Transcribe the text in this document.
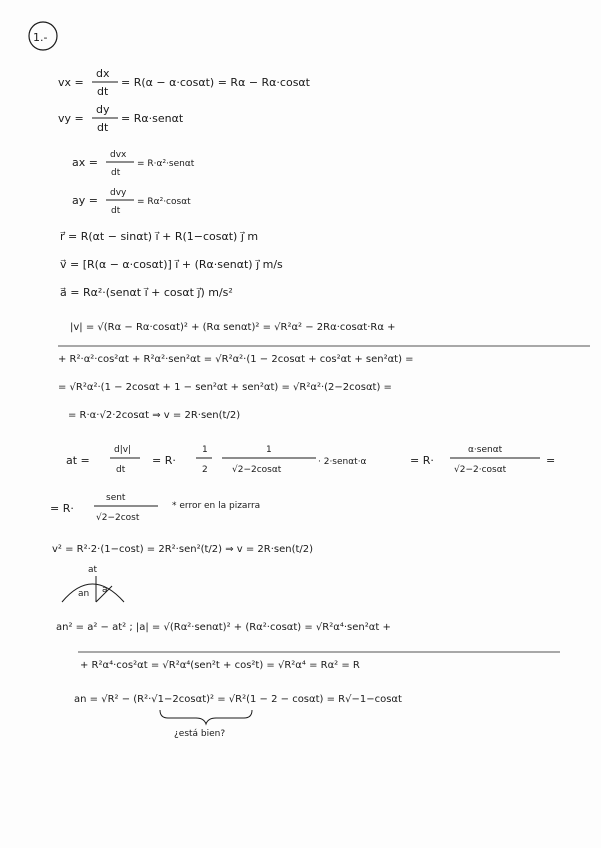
1.-
vx =
dx
dt
= R(α − α·cosαt) = Rα − Rα·cosαt
vy =
dy
dt
= Rα·senαt
ax =
dvx
dt
= R·α²·senαt
ay =
dvy
dt
= Rα²·cosαt
r⃗ = R(αt − sinαt) i⃗ + R(1−cosαt) j⃗ m
v⃗ = [R(α − α·cosαt)] i⃗ + (Rα·senαt) j⃗ m/s
a⃗ = Rα²·(senαt i⃗ + cosαt j⃗) m/s²
|v| = √(Rα − Rα·cosαt)² + (Rα senαt)² = √R²α² − 2Rα·cosαt·Rα +
+ R²·α²·cos²αt + R²α²·sen²αt = √R²α²·(1 − 2cosαt + cos²αt + sen²αt) =
= √R²α²·(1 − 2cosαt + 1 − sen²αt + sen²αt) = √R²α²·(2−2cosαt) =
= R·α·√2·2cosαt ⇒ v = 2R·sen(t/2)
at =
d|v|
dt
= R·
1
2
1
√2−2cosαt
· 2·senαt·α	= R·
α·senαt
√2−2·cosαt
=
= R·
sent
√2−2cost
* error en la pizarra
v² = R²·2·(1−cost) = 2R²·sen²(t/2) ⇒ v = 2R·sen(t/2)
at
an a
an² = a² − at² ; |a| = √(Rα²·senαt)² + (Rα²·cosαt) = √R²α⁴·sen²αt +
+ R²α⁴·cos²αt = √R²α⁴(sen²t + cos²t) = √R²α⁴ = Rα² = R
an = √R² − (R²·√1−2cosαt)² = √R²(1 − 2 − cosαt) = R√−1−cosαt
¿está bien?
